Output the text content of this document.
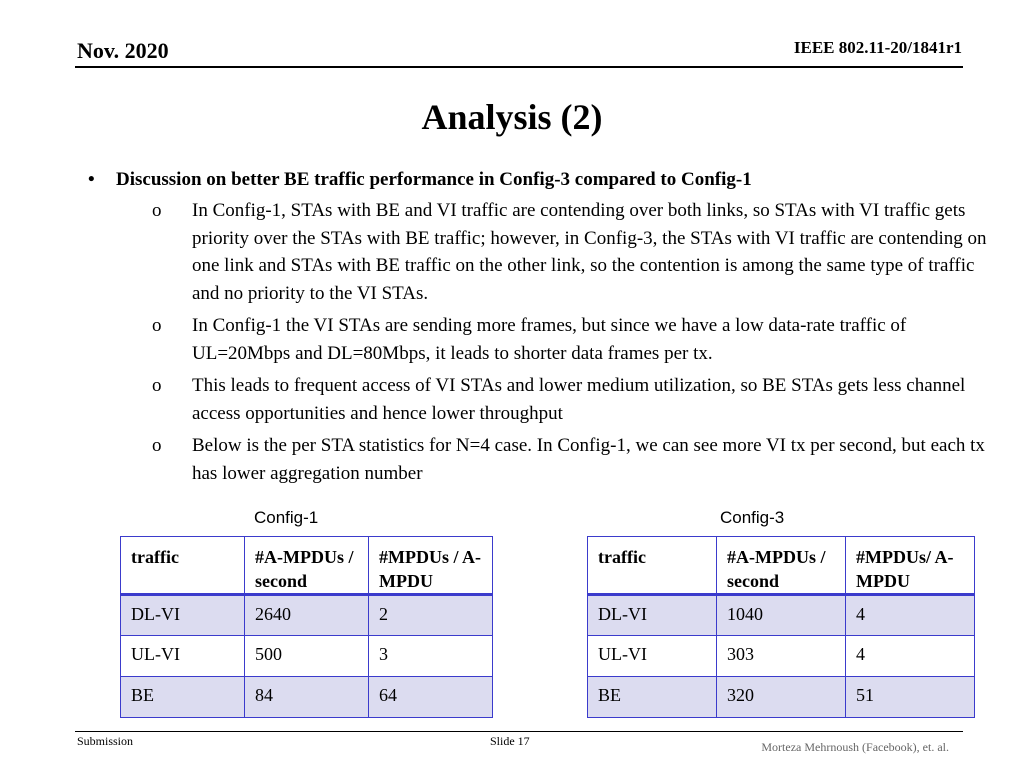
Nov. 2020	IEEE 802.11-20/1841r1
Analysis (2)
•	Discussion on better BE traffic performance in Config-3 compared to Config-1
o	In Config-1, STAs with BE and VI traffic are contending over both links, so STAs with VI traffic gets priority over the STAs with BE traffic; however, in Config-3, the STAs with VI traffic are contending on one link and STAs with BE traffic on the other link, so the contention is among the same type of traffic and no priority to the VI STAs.
o	In Config-1 the VI STAs are sending more frames, but since we have a low data-rate traffic of UL=20Mbps and DL=80Mbps, it leads to shorter data frames per tx.
o	This leads to frequent access of VI STAs and lower medium utilization, so BE STAs gets less channel access opportunities and hence lower throughput
o	Below is the per STA statistics for N=4 case. In Config-1, we can see more VI tx per second, but each tx has lower aggregation number
Config-1	Config-3
traffic	#A-MPDUs / second	#MPDUs / A-MPDU
DL-VI	2640	2
UL-VI	500	3
BE	84	64
traffic	#A-MPDUs / second	#MPDUs/ A-MPDU
DL-VI	1040	4
UL-VI	303	4
BE	320	51
Submission	Slide 17	Morteza Mehrnoush (Facebook), et. al.
